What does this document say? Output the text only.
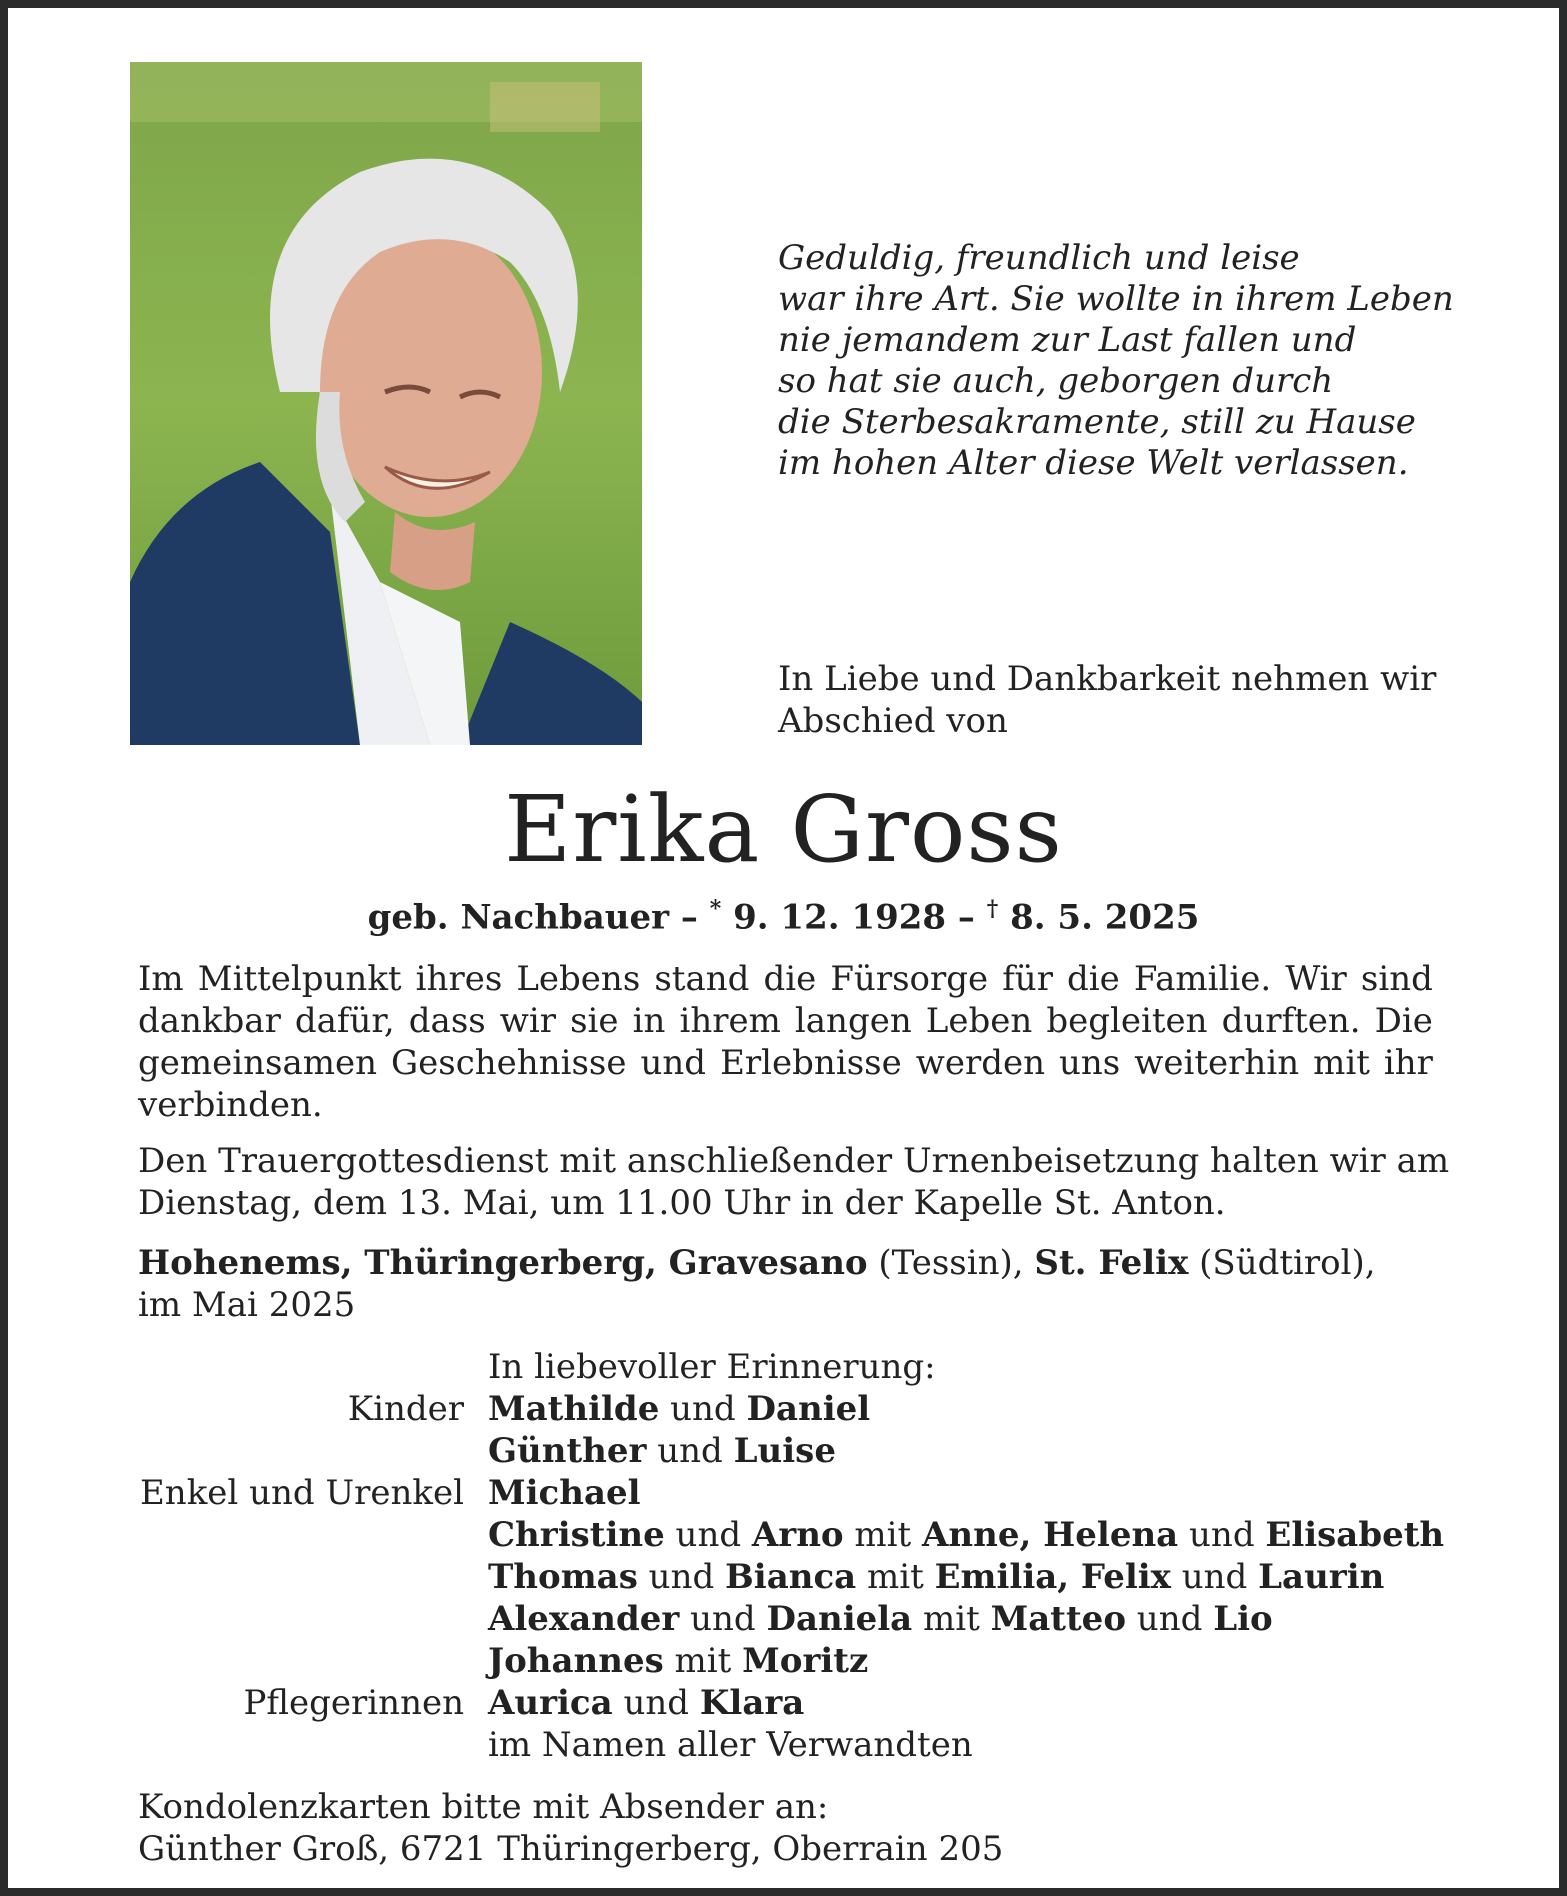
Geduldig, freundlich und leise
war ihre Art. Sie wollte in ihrem Leben
nie jemandem zur Last fallen und
so hat sie auch, geborgen durch
die Sterbesakramente, still zu Hause
im hohen Alter diese Welt verlassen.
In Liebe und Dankbarkeit nehmen wir
Abschied von
Erika Gross
geb. Nachbauer – * 9. 12. 1928 – † 8. 5. 2025
Im Mittelpunkt ihres Lebens stand die Fürsorge für die Familie. Wir sind
dankbar dafür, dass wir sie in ihrem langen Leben begleiten durften. Die
gemeinsamen Geschehnisse und Erlebnisse werden uns weiterhin mit ihr
verbinden.
Den Trauergottesdienst mit anschließender Urnenbeisetzung halten wir am
Dienstag, dem 13. Mai, um 11.00 Uhr in der Kapelle St. Anton.
Hohenems, Thüringerberg, Gravesano (Tessin), St. Felix (Südtirol),
im Mai 2025
In liebevoller Erinnerung:
Kinder Mathilde und Daniel
Günther und Luise
Enkel und Urenkel Michael
Christine und Arno mit Anne, Helena und Elisabeth
Thomas und Bianca mit Emilia, Felix und Laurin
Alexander und Daniela mit Matteo und Lio
Johannes mit Moritz
Pflegerinnen Aurica und Klara
im Namen aller Verwandten
Kondolenzkarten bitte mit Absender an:
Günther Groß, 6721 Thüringerberg, Oberrain 205
